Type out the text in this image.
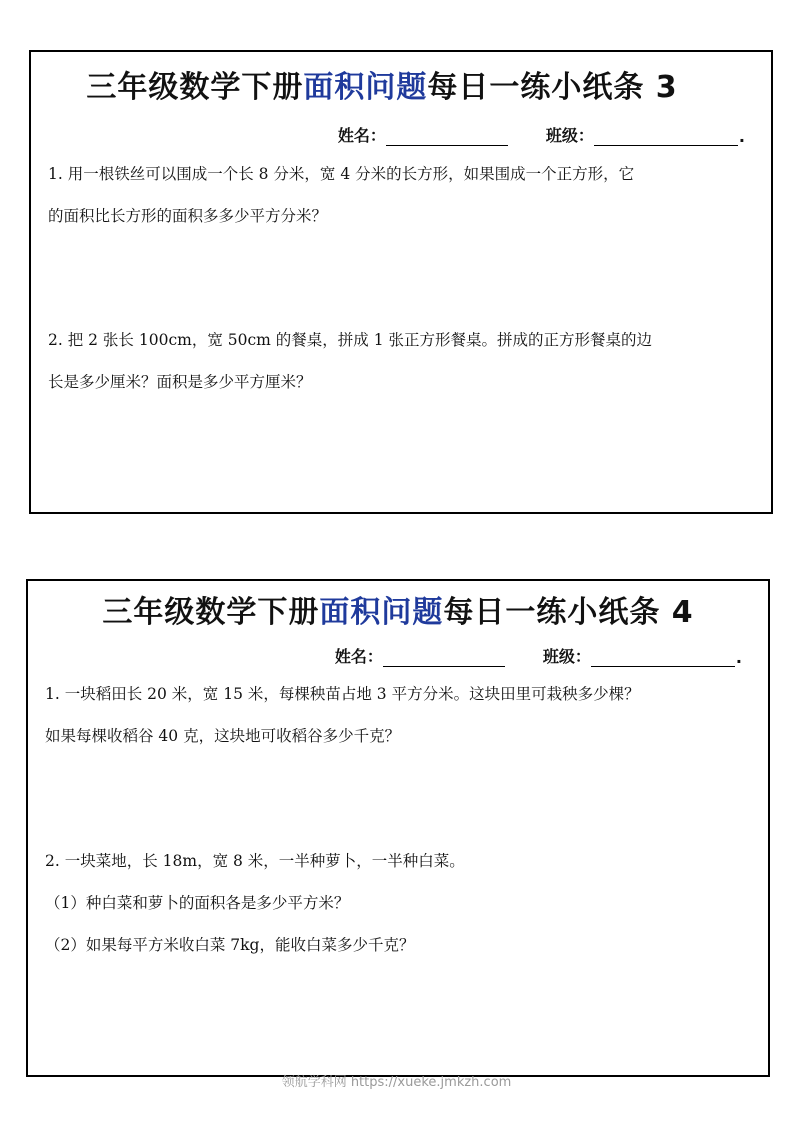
三年级数学下册面积问题每日一练小纸条 3
姓名：	班级：	.

1. 用一根铁丝可以围成一个长 8 分米，宽 4 分米的长方形，如果围成一个正方形，它

的面积比长方形的面积多多少平方分米？

2. 把 2 张长 100cm，宽 50cm 的餐桌，拼成 1 张正方形餐桌。拼成的正方形餐桌的边

长是多少厘米？面积是多少平方厘米？

三年级数学下册面积问题每日一练小纸条 4
姓名：	班级：	.

1. 一块稻田长 20 米，宽 15 米，每棵秧苗占地 3 平方分米。这块田里可栽秧多少棵？

如果每棵收稻谷 40 克，这块地可收稻谷多少千克？

2. 一块菜地，长 18m，宽 8 米，一半种萝卜，一半种白菜。

（1）种白菜和萝卜的面积各是多少平方米？

（2）如果每平方米收白菜 7kg，能收白菜多少千克？

领航学科网 https://xueke.jmkzh.com
